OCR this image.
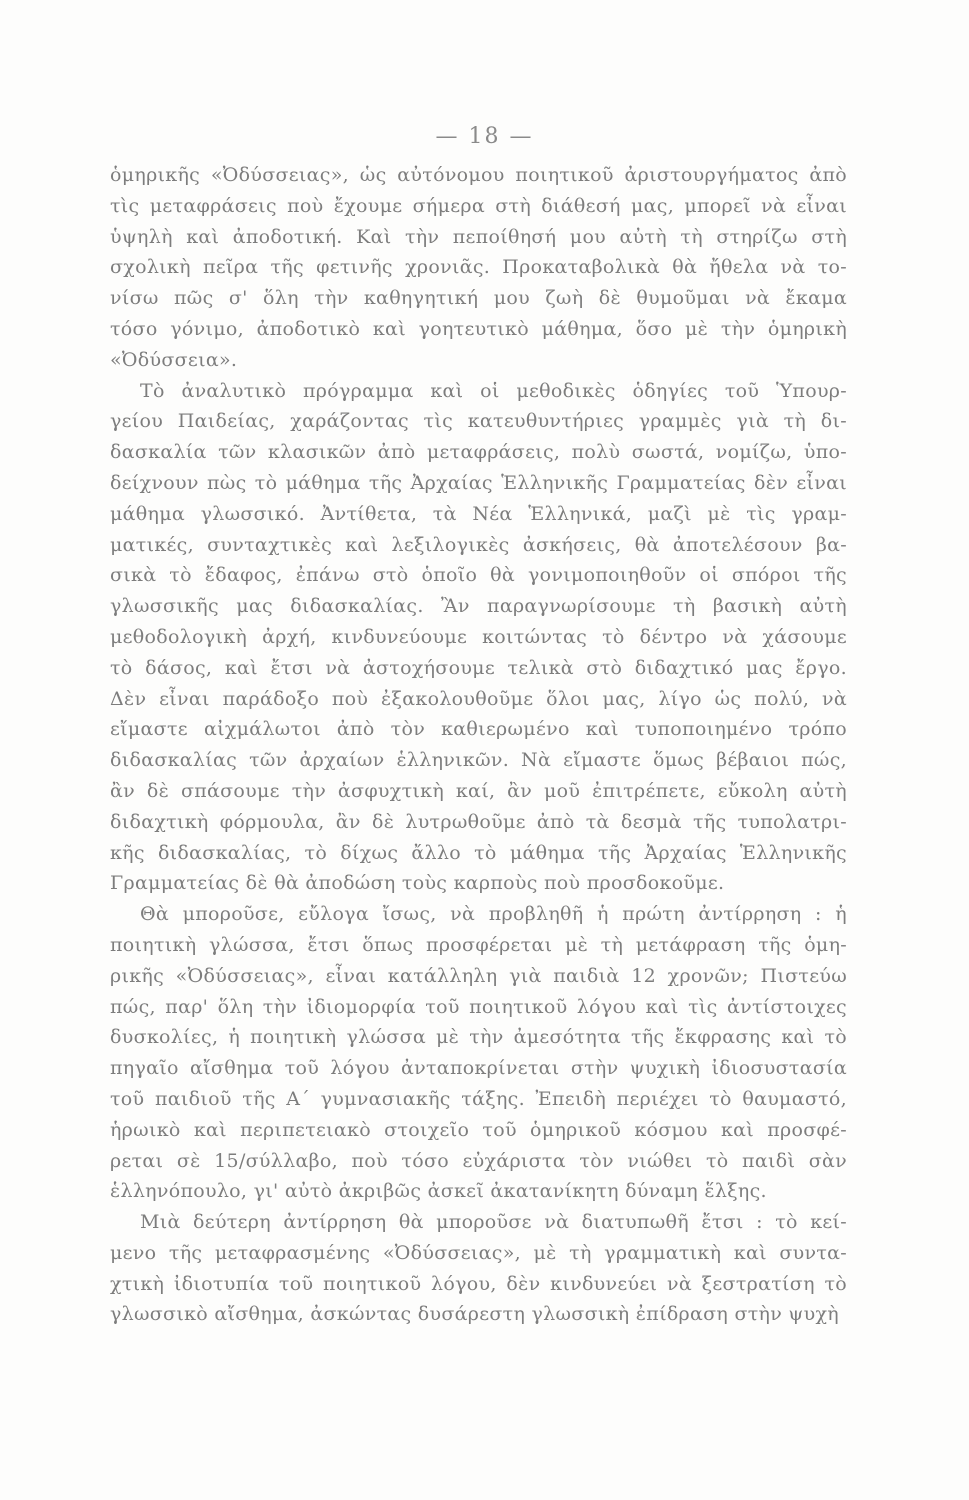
— 18 —
ὁμηρικῆς «Ὀδύσσειας», ὡς αὐτόνομου ποιητικοῦ ἀριστουργήματος ἀπὸ
τὶς μεταφράσεις ποὺ ἔχουμε σήμερα στὴ διάθεσή μας, μπορεῖ νὰ εἶναι
ὑψηλὴ καὶ ἀποδοτική. Καὶ τὴν πεποίθησή μου αὐτὴ τὴ στηρίζω στὴ
σχολικὴ πεῖρα τῆς φετινῆς χρονιᾶς. Προκαταβολικὰ θὰ ἤθελα νὰ το-
νίσω πῶς σ' ὅλη τὴν καθηγητική μου ζωὴ δὲ θυμοῦμαι νὰ ἔκαμα
τόσο γόνιμο, ἀποδοτικὸ καὶ γοητευτικὸ μάθημα, ὅσο μὲ τὴν ὁμηρικὴ
«Ὀδύσσεια».
Τὸ ἀναλυτικὸ πρόγραμμα καὶ οἱ μεθοδικὲς ὁδηγίες τοῦ Ὑπουρ-
γείου Παιδείας, χαράζοντας τὶς κατευθυντήριες γραμμὲς γιὰ τὴ δι-
δασκαλία τῶν κλασικῶν ἀπὸ μεταφράσεις, πολὺ σωστά, νομίζω, ὑπο-
δείχνουν πὼς τὸ μάθημα τῆς Ἀρχαίας Ἑλληνικῆς Γραμματείας δὲν εἶναι
μάθημα γλωσσικό. Ἀντίθετα, τὰ Νέα Ἑλληνικά, μαζὶ μὲ τὶς γραμ-
ματικές, συνταχτικὲς καὶ λεξιλογικὲς ἀσκήσεις, θὰ ἀποτελέσουν βα-
σικὰ τὸ ἔδαφος, ἐπάνω στὸ ὁποῖο θὰ γονιμοποιηθοῦν οἱ σπόροι τῆς
γλωσσικῆς μας διδασκαλίας. Ἂν παραγνωρίσουμε τὴ βασικὴ αὐτὴ
μεθοδολογικὴ ἀρχή, κινδυνεύουμε κοιτώντας τὸ δέντρο νὰ χάσουμε
τὸ δάσος, καὶ ἔτσι νὰ ἀστοχήσουμε τελικὰ στὸ διδαχτικό μας ἔργο.
Δὲν εἶναι παράδοξο ποὺ ἐξακολουθοῦμε ὅλοι μας, λίγο ὡς πολύ, νὰ
εἴμαστε αἰχμάλωτοι ἀπὸ τὸν καθιερωμένο καὶ τυποποιημένο τρόπο
διδασκαλίας τῶν ἀρχαίων ἑλληνικῶν. Νὰ εἴμαστε ὅμως βέβαιοι πώς,
ἂν δὲ σπάσουμε τὴν ἀσφυχτικὴ καί, ἂν μοῦ ἐπιτρέπετε, εὔκολη αὐτὴ
διδαχτικὴ φόρμουλα, ἂν δὲ λυτρωθοῦμε ἀπὸ τὰ δεσμὰ τῆς τυπολατρι-
κῆς διδασκαλίας, τὸ δίχως ἄλλο τὸ μάθημα τῆς Ἀρχαίας Ἑλληνικῆς
Γραμματείας δὲ θὰ ἀποδώση τοὺς καρποὺς ποὺ προσδοκοῦμε.
Θὰ μποροῦσε, εὔλογα ἴσως, νὰ προβληθῆ ἡ πρώτη ἀντίρρηση : ἡ
ποιητικὴ γλώσσα, ἔτσι ὅπως προσφέρεται μὲ τὴ μετάφραση τῆς ὁμη-
ρικῆς «Ὀδύσσειας», εἶναι κατάλληλη γιὰ παιδιὰ 12 χρονῶν; Πιστεύω
πώς, παρ' ὅλη τὴν ἰδιομορφία τοῦ ποιητικοῦ λόγου καὶ τὶς ἀντίστοιχες
δυσκολίες, ἡ ποιητικὴ γλώσσα μὲ τὴν ἀμεσότητα τῆς ἔκφρασης καὶ τὸ
πηγαῖο αἴσθημα τοῦ λόγου ἀνταποκρίνεται στὴν ψυχικὴ ἰδιοσυστασία
τοῦ παιδιοῦ τῆς Α΄ γυμνασιακῆς τάξης. Ἐπειδὴ περιέχει τὸ θαυμαστό,
ἡρωικὸ καὶ περιπετειακὸ στοιχεῖο τοῦ ὁμηρικοῦ κόσμου καὶ προσφέ-
ρεται σὲ 15/σύλλαβο, ποὺ τόσο εὐχάριστα τὸν νιώθει τὸ παιδὶ σὰν
ἑλληνόπουλο, γι' αὐτὸ ἀκριβῶς ἀσκεῖ ἀκατανίκητη δύναμη ἕλξης.
Μιὰ δεύτερη ἀντίρρηση θὰ μποροῦσε νὰ διατυπωθῆ ἔτσι : τὸ κεί-
μενο τῆς μεταφρασμένης «Ὀδύσσειας», μὲ τὴ γραμματικὴ καὶ συντα-
χτικὴ ἰδιοτυπία τοῦ ποιητικοῦ λόγου, δὲν κινδυνεύει νὰ ξεστρατίση τὸ
γλωσσικὸ αἴσθημα, ἀσκώντας δυσάρεστη γλωσσικὴ ἐπίδραση στὴν ψυχὴ
